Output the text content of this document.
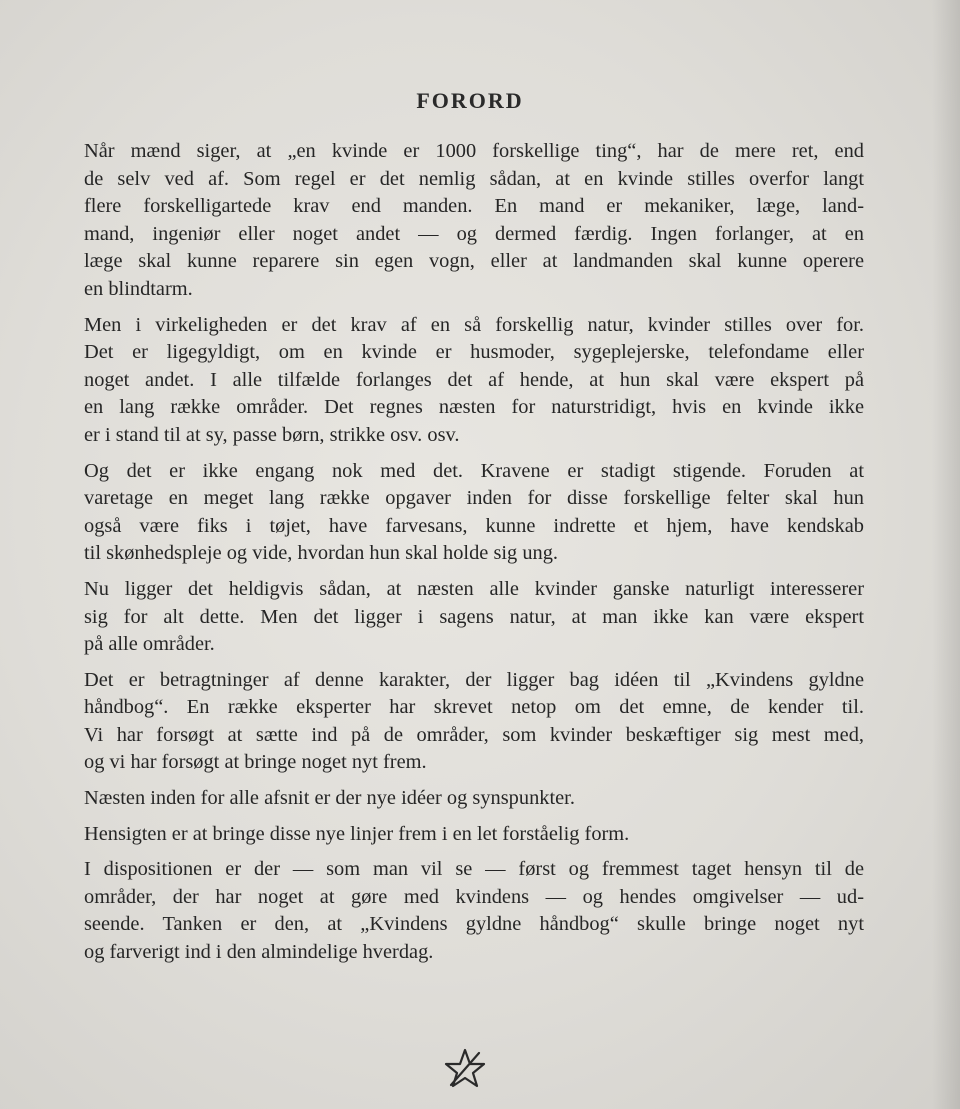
FORORD

Når mænd siger, at „en kvinde er 1000 forskellige ting“, har de mere ret, end
de selv ved af. Som regel er det nemlig sådan, at en kvinde stilles overfor langt
flere forskelligartede krav end manden. En mand er mekaniker, læge, land-
mand, ingeniør eller noget andet — og dermed færdig. Ingen forlanger, at en
læge skal kunne reparere sin egen vogn, eller at landmanden skal kunne operere
en blindtarm.

Men i virkeligheden er det krav af en så forskellig natur, kvinder stilles over for.
Det er ligegyldigt, om en kvinde er husmoder, sygeplejerske, telefondame eller
noget andet. I alle tilfælde forlanges det af hende, at hun skal være ekspert på
en lang række områder. Det regnes næsten for naturstridigt, hvis en kvinde ikke
er i stand til at sy, passe børn, strikke osv. osv.

Og det er ikke engang nok med det. Kravene er stadigt stigende. Foruden at
varetage en meget lang række opgaver inden for disse forskellige felter skal hun
også være fiks i tøjet, have farvesans, kunne indrette et hjem, have kendskab
til skønhedspleje og vide, hvordan hun skal holde sig ung.

Nu ligger det heldigvis sådan, at næsten alle kvinder ganske naturligt interesserer
sig for alt dette. Men det ligger i sagens natur, at man ikke kan være ekspert
på alle områder.

Det er betragtninger af denne karakter, der ligger bag idéen til „Kvindens gyldne
håndbog“. En række eksperter har skrevet netop om det emne, de kender til.
Vi har forsøgt at sætte ind på de områder, som kvinder beskæftiger sig mest med,
og vi har forsøgt at bringe noget nyt frem.

Næsten inden for alle afsnit er der nye idéer og synspunkter.

Hensigten er at bringe disse nye linjer frem i en let forståelig form.

I dispositionen er der — som man vil se — først og fremmest taget hensyn til de
områder, der har noget at gøre med kvindens — og hendes omgivelser — ud-
seende. Tanken er den, at „Kvindens gyldne håndbog“ skulle bringe noget nyt
og farverigt ind i den almindelige hverdag.
